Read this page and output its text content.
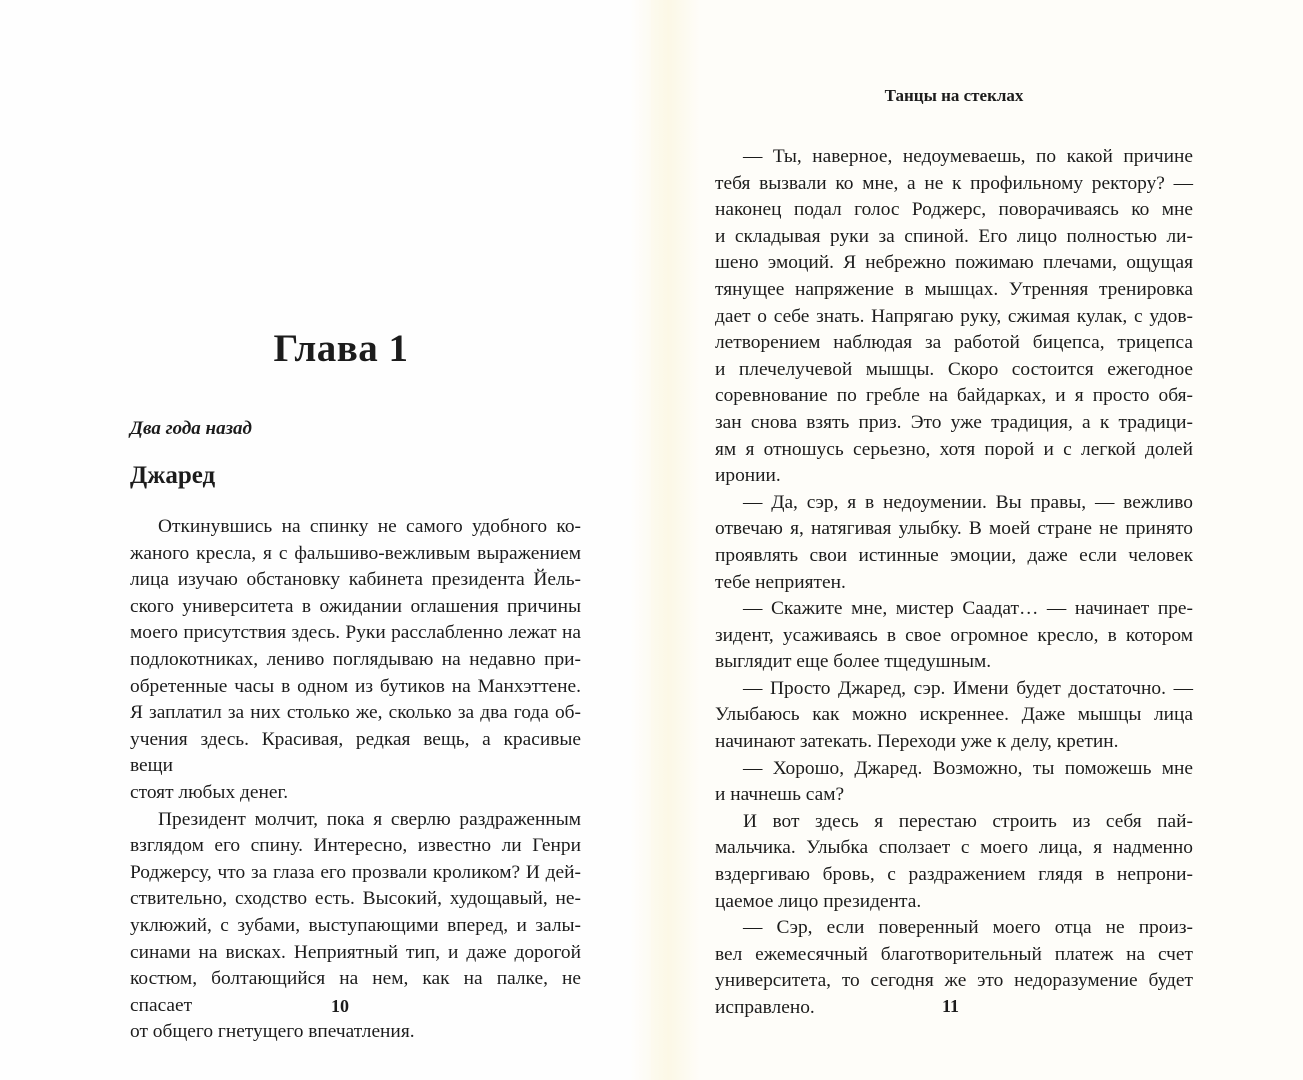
Глава 1

Два года назад

Джаред
Откинувшись на спинку не самого удобного ко-
жаного кресла, я с фальшиво-вежливым выражением
лица изучаю обстановку кабинета президента Йель-
ского университета в ожидании оглашения причины
моего присутствия здесь. Руки расслабленно лежат на
подлокотниках, лениво поглядываю на недавно при-
обретенные часы в одном из бутиков на Манхэттене.
Я заплатил за них столько же, сколько за два года об-
учения здесь. Красивая, редкая вещь, а красивые вещи
стоят любых денег.
Президент молчит, пока я сверлю раздраженным
взглядом его спину. Интересно, известно ли Генри
Роджерсу, что за глаза его прозвали кроликом? И дей-
ствительно, сходство есть. Высокий, худощавый, не-
уклюжий, с зубами, выступающими вперед, и залы-
синами на висках. Неприятный тип, и даже дорогой
костюм, болтающийся на нем, как на палке, не спасает
от общего гнетущего впечатления.

10

Танцы на стеклах

— Ты, наверное, недоумеваешь, по какой причине
тебя вызвали ко мне, а не к профильному ректору? —
наконец подал голос Роджерс, поворачиваясь ко мне
и складывая руки за спиной. Его лицо полностью ли-
шено эмоций. Я небрежно пожимаю плечами, ощущая
тянущее напряжение в мышцах. Утренняя тренировка
дает о себе знать. Напрягаю руку, сжимая кулак, с удов-
летворением наблюдая за работой бицепса, трицепса
и плечелучевой мышцы. Скоро состоится ежегодное
соревнование по гребле на байдарках, и я просто обя-
зан снова взять приз. Это уже традиция, а к традици-
ям я отношусь серьезно, хотя порой и с легкой долей
иронии.
— Да, сэр, я в недоумении. Вы правы, — вежливо
отвечаю я, натягивая улыбку. В моей стране не принято
проявлять свои истинные эмоции, даже если человек
тебе неприятен.
— Скажите мне, мистер Саадат… — начинает пре-
зидент, усаживаясь в свое огромное кресло, в котором
выглядит еще более тщедушным.
— Просто Джаред, сэр. Имени будет достаточно. —
Улыбаюсь как можно искреннее. Даже мышцы лица
начинают затекать. Переходи уже к делу, кретин.
— Хорошо, Джаред. Возможно, ты поможешь мне
и начнешь сам?
И вот здесь я перестаю строить из себя пай-
мальчика. Улыбка сползает с моего лица, я надменно
вздергиваю бровь, с раздражением глядя в непрони-
цаемое лицо президента.
— Сэр, если поверенный моего отца не произ-
вел ежемесячный благотворительный платеж на счет
университета, то сегодня же это недоразумение будет
исправлено.	11
